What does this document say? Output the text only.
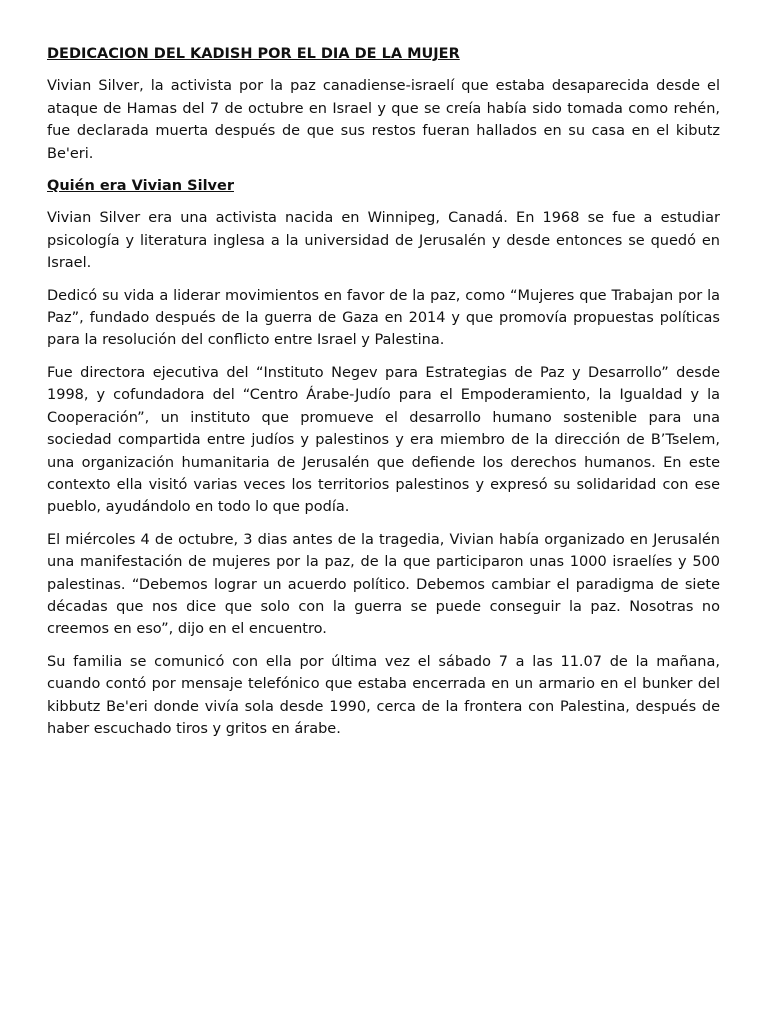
DEDICACION DEL KADISH POR EL DIA DE LA MUJER

Vivian Silver, la activista por la paz canadiense-israelí que estaba desaparecida desde el ataque de Hamas del 7 de octubre en Israel y que se creía había sido tomada como rehén, fue declarada muerta después de que sus restos fueran hallados en su casa en el kibutz Be'eri.

Quién era Vivian Silver

Vivian Silver era una activista nacida en Winnipeg, Canadá. En 1968 se fue a estudiar psicología y literatura inglesa a la universidad de Jerusalén y desde entonces se quedó en Israel.

Dedicó su vida a liderar movimientos en favor de la paz, como “Mujeres que Trabajan por la Paz”, fundado después de la guerra de Gaza en 2014 y que promovía propuestas políticas para la resolución del conflicto entre Israel y Palestina.

Fue directora ejecutiva del “Instituto Negev para Estrategias de Paz y Desarrollo” desde 1998, y cofundadora del “Centro Árabe-Judío para el Empoderamiento, la Igualdad y la Cooperación”, un instituto que promueve el desarrollo humano sostenible para una sociedad compartida entre judíos y palestinos y era miembro de la dirección de B’Tselem, una organización humanitaria de Jerusalén que defiende los derechos humanos. En este contexto ella visitó varias veces los territorios palestinos y expresó su solidaridad con ese pueblo, ayudándolo en todo lo que podía.

El miércoles 4 de octubre, 3 dias antes de la tragedia, Vivian había organizado en Jerusalén una manifestación de mujeres por la paz, de la que participaron unas 1000 israelíes y 500 palestinas. “Debemos lograr un acuerdo político. Debemos cambiar el paradigma de siete décadas que nos dice que solo con la guerra se puede conseguir la paz. Nosotras no creemos en eso”, dijo en el encuentro.

Su familia se comunicó con ella por última vez el sábado 7 a las 11.07 de la mañana, cuando contó por mensaje telefónico que estaba encerrada en un armario en el bunker del kibbutz Be'eri donde vivía sola desde 1990, cerca de la frontera con Palestina, después de haber escuchado tiros y gritos en árabe.
